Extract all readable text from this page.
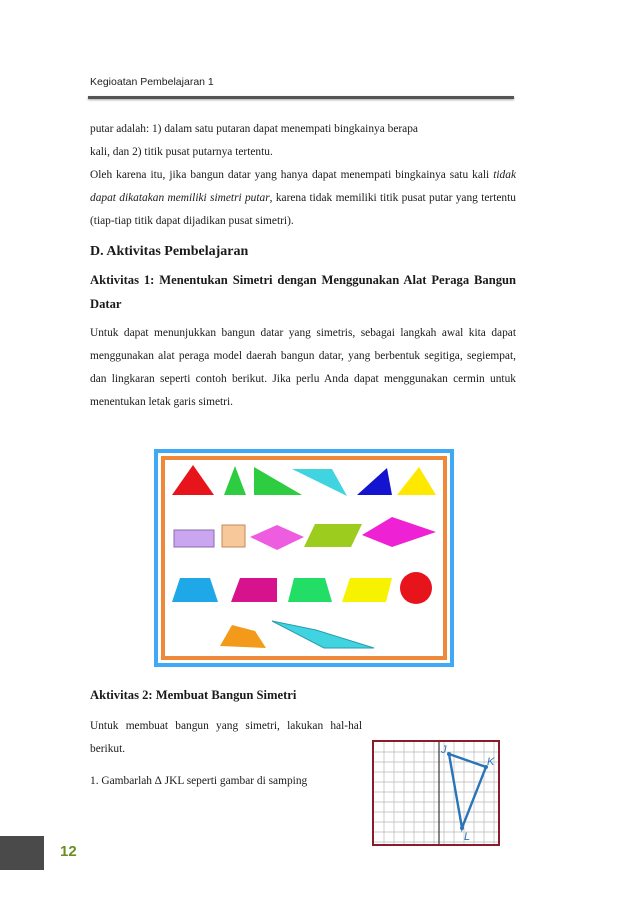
Kegioatan Pembelajaran 1
putar adalah: 1) dalam satu putaran dapat menempati bingkainya berapa
kali, dan 2) titik pusat putarnya tertentu.
Oleh karena itu, jika bangun datar yang hanya dapat menempati bingkainya satu kali tidak dapat dikatakan memiliki simetri putar, karena tidak memiliki titik pusat putar yang tertentu (tiap-tiap titik dapat dijadikan pusat simetri).
D. Aktivitas Pembelajaran
Aktivitas 1: Menentukan Simetri dengan Menggunakan Alat Peraga Bangun Datar
Untuk dapat menunjukkan bangun datar yang simetris, sebagai langkah awal kita dapat menggunakan alat peraga model daerah bangun datar, yang berbentuk segitiga, segiempat, dan lingkaran seperti contoh berikut. Jika perlu Anda dapat menggunakan cermin untuk menentukan letak garis simetri.
Aktivitas 2: Membuat Bangun Simetri
Untuk membuat bangun yang simetri, lakukan hal-hal berikut.
1. Gambarlah ∆ JKL seperti gambar di samping
J
K
L
12
